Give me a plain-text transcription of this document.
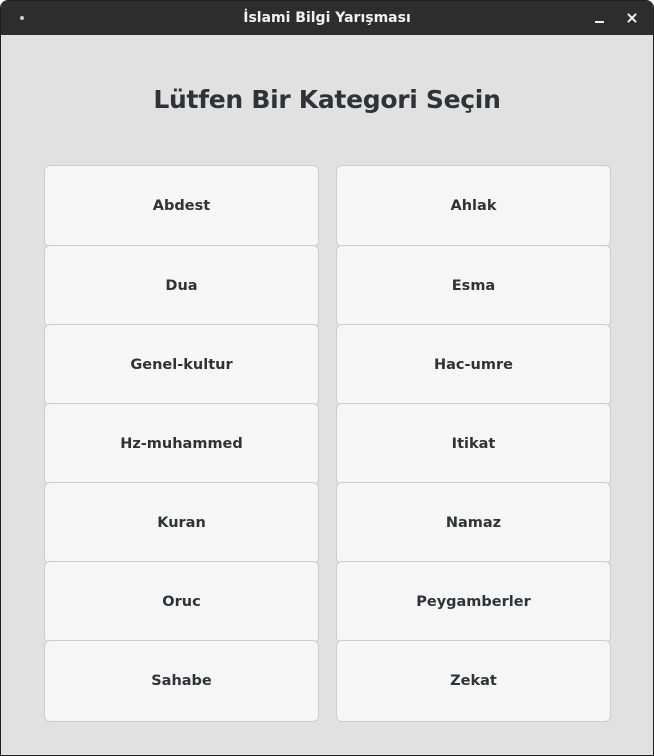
İslami Bilgi Yarışması
Lütfen Bir Kategori Seçin
Abdest	Ahlak
Dua	Esma
Genel-kultur	Hac-umre
Hz-muhammed	Itikat
Kuran	Namaz
Oruc	Peygamberler
Sahabe	Zekat
